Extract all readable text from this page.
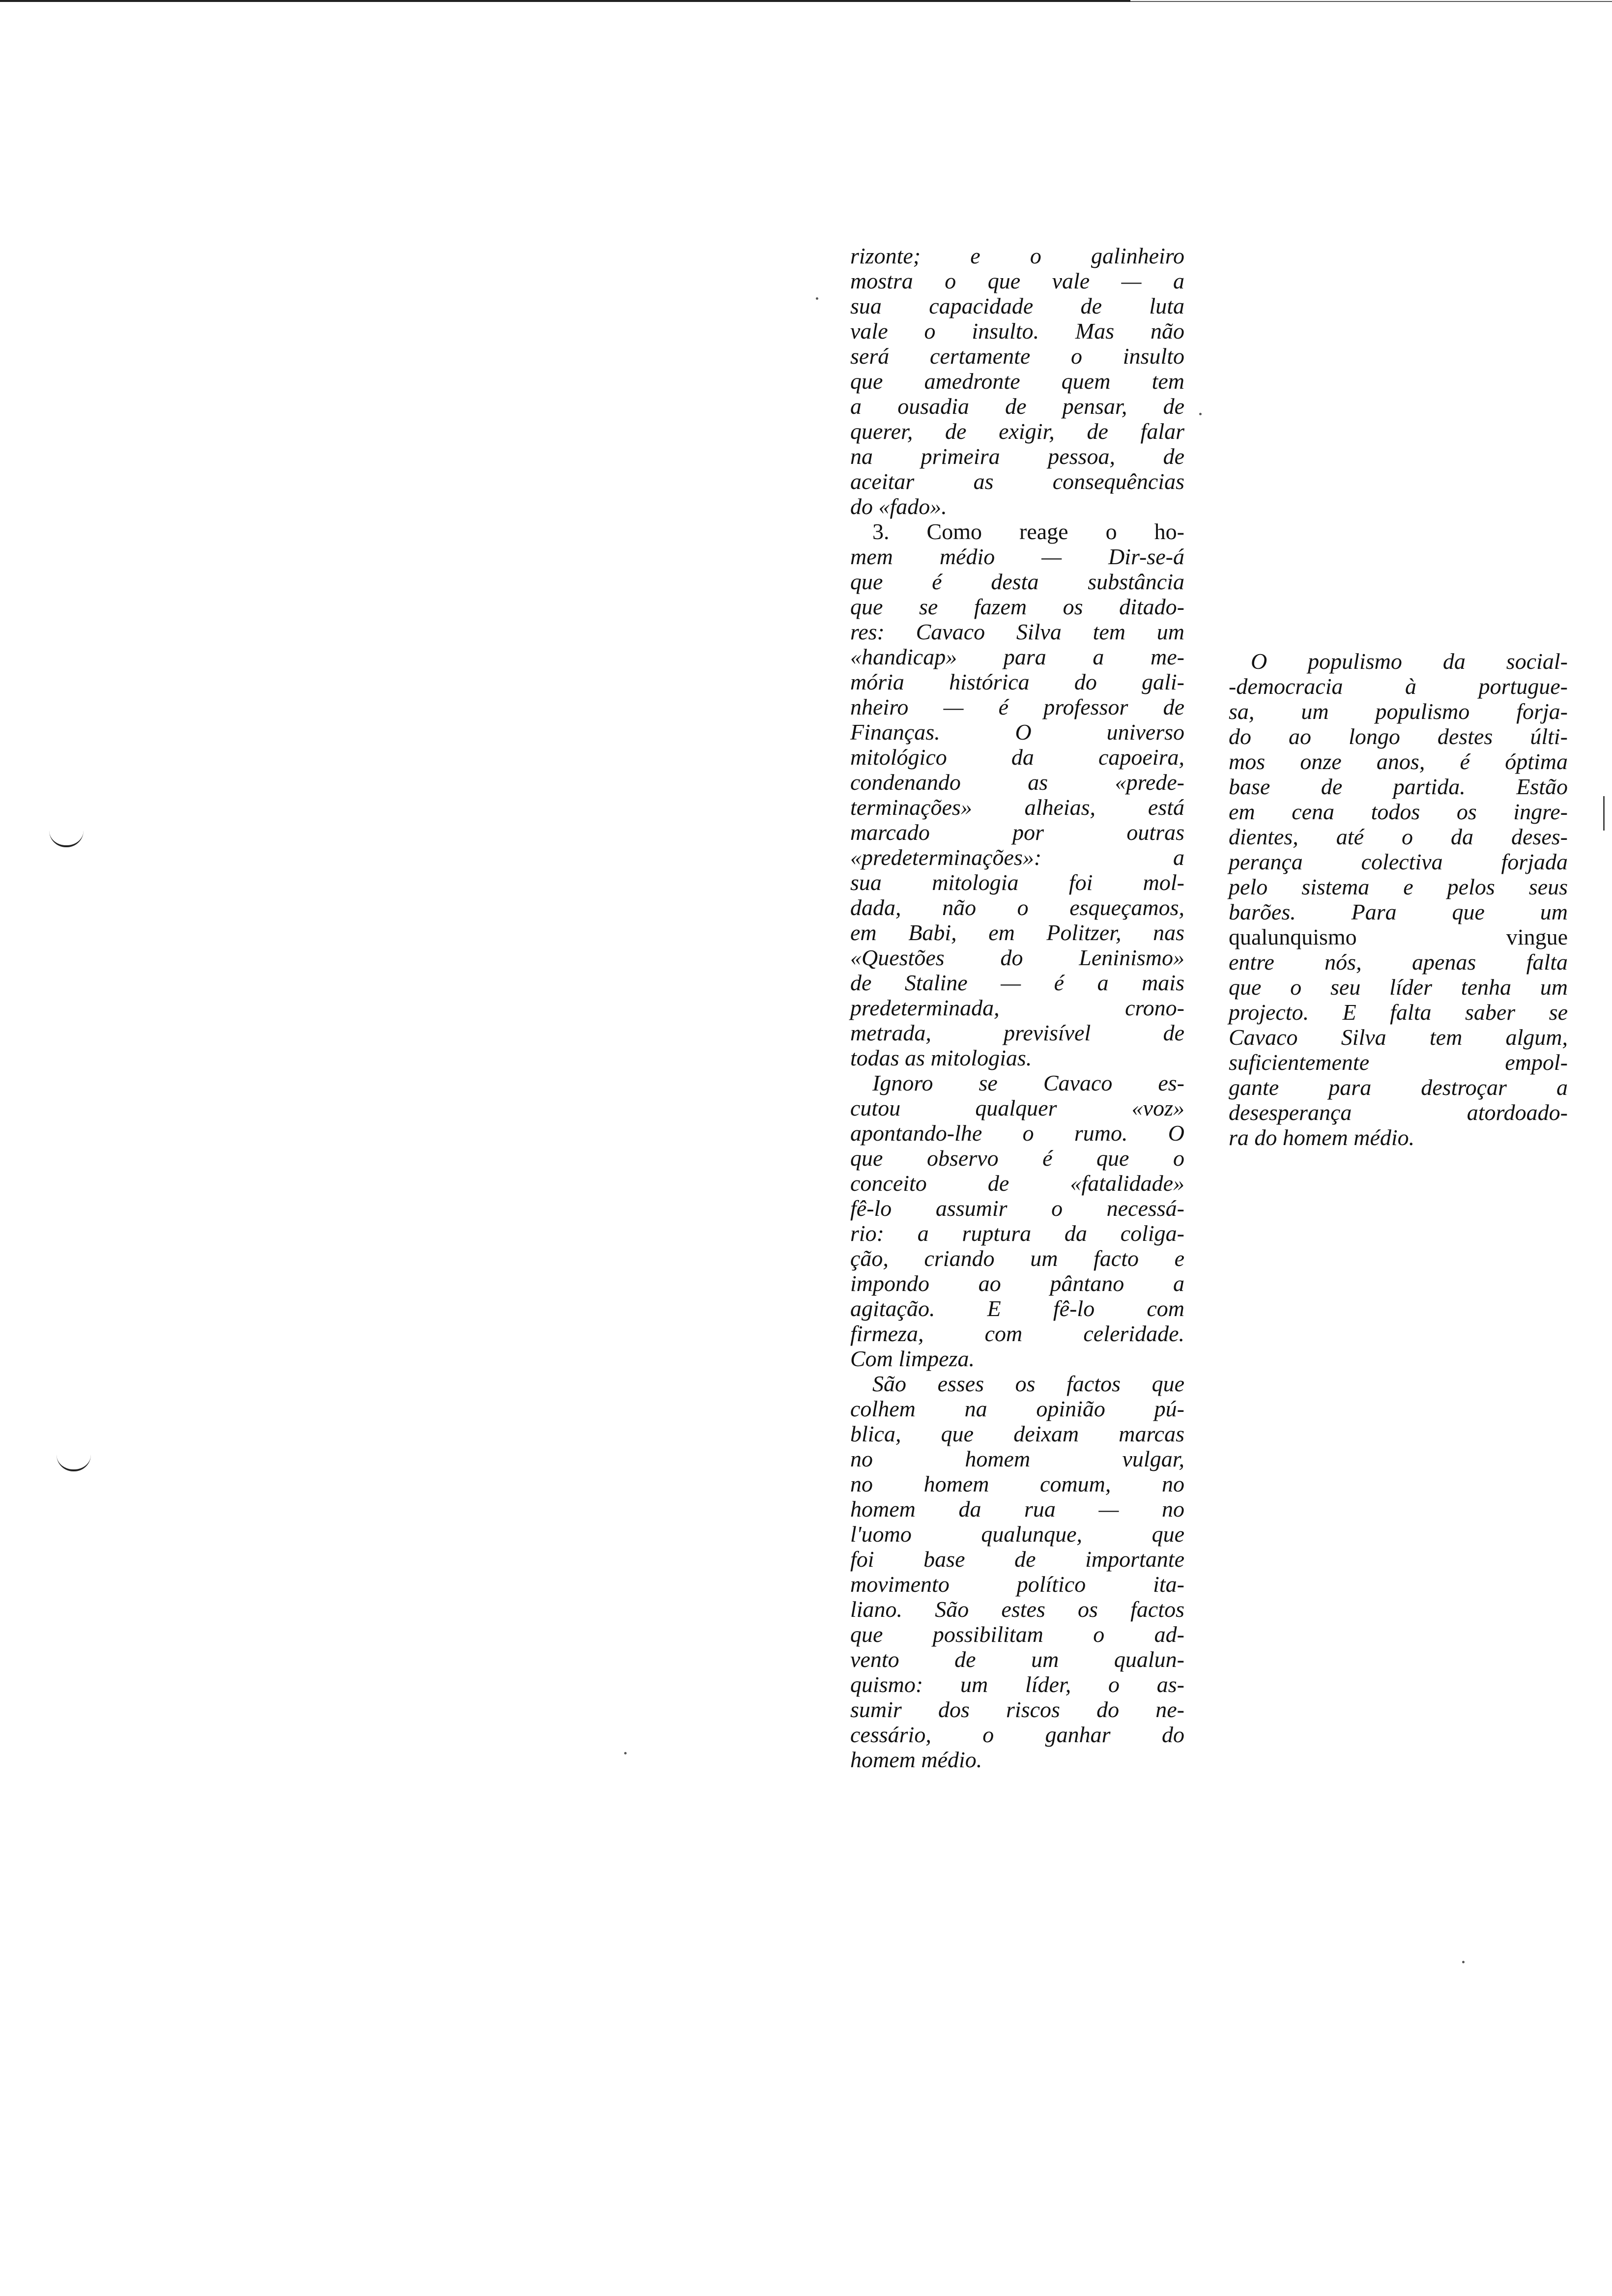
rizonte; e o galinheiro
mostra o que vale — a
sua capacidade de luta
vale o insulto. Mas não
será certamente o insulto
que amedronte quem tem
a ousadia de pensar, de
querer, de exigir, de falar
na primeira pessoa, de
aceitar as consequências
do «fado».
3. Como reage o ho-
mem médio — Dir-se-á
que é desta substância
que se fazem os ditado-
res: Cavaco Silva tem um
«handicap» para a me-
mória histórica do gali-
nheiro — é professor de
Finanças. O universo
mitológico da capoeira,
condenando as «prede-
terminações» alheias, está
marcado por outras
«predeterminações»: a
sua mitologia foi mol-
dada, não o esqueçamos,
em Babi, em Politzer, nas
«Questões do Leninismo»
de Staline — é a mais
predeterminada, crono-
metrada, previsível de
todas as mitologias.
Ignoro se Cavaco es-
cutou qualquer «voz»
apontando-lhe o rumo. O
que observo é que o
conceito de «fatalidade»
fê-lo assumir o necessá-
rio: a ruptura da coliga-
ção, criando um facto e
impondo ao pântano a
agitação. E fê-lo com
firmeza, com celeridade.
Com limpeza.
São esses os factos que
colhem na opinião pú-
blica, que deixam marcas
no homem vulgar,
no homem comum, no
homem da rua — no
l'uomo qualunque, que
foi base de importante
movimento político ita-
liano. São estes os factos
que possibilitam o ad-
vento de um qualun-
quismo: um líder, o as-
sumir dos riscos do ne-
cessário, o ganhar do
homem médio.
O populismo da social-
-democracia à portugue-
sa, um populismo forja-
do ao longo destes últi-
mos onze anos, é óptima
base de partida. Estão
em cena todos os ingre-
dientes, até o da deses-
perança colectiva forjada
pelo sistema e pelos seus
barões. Para que um
qualunquismo vingue
entre nós, apenas falta
que o seu líder tenha um
projecto. E falta saber se
Cavaco Silva tem algum,
suficientemente empol-
gante para destroçar a
desesperança atordoado-
ra do homem médio.
